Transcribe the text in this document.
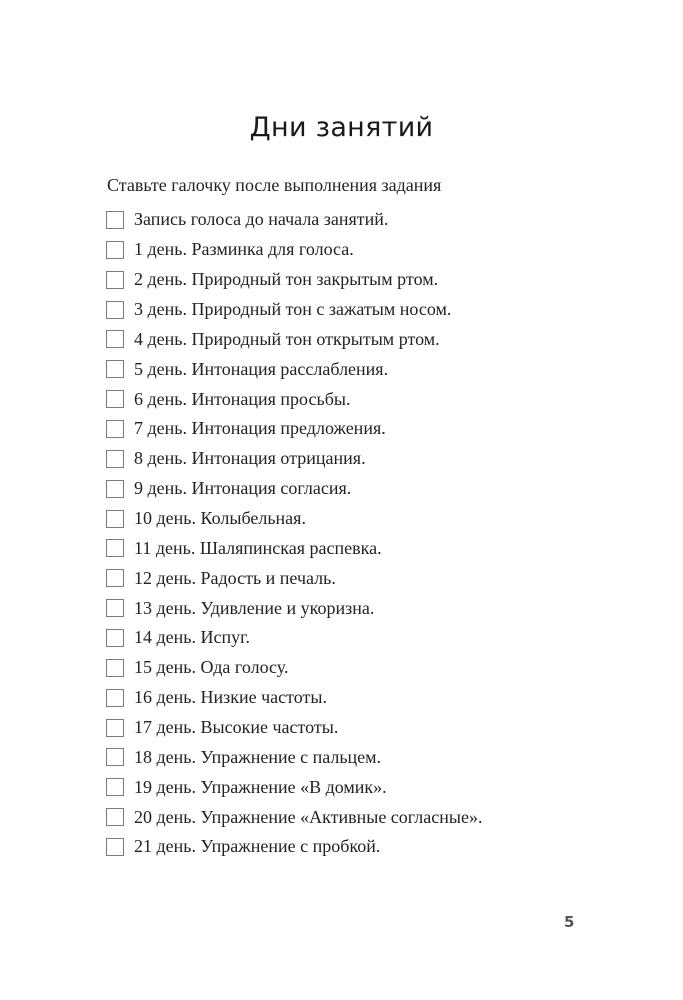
Дни занятий
Ставьте галочку после выполнения задания
Запись голоса до начала занятий.
1 день. Разминка для голоса.
2 день. Природный тон закрытым ртом.
3 день. Природный тон с зажатым носом.
4 день. Природный тон открытым ртом.
5 день. Интонация расслабления.
6 день. Интонация просьбы.
7 день. Интонация предложения.
8 день. Интонация отрицания.
9 день. Интонация согласия.
10 день. Колыбельная.
11 день. Шаляпинская распевка.
12 день. Радость и печаль.
13 день. Удивление и укоризна.
14 день. Испуг.
15 день. Ода голосу.
16 день. Низкие частоты.
17 день. Высокие частоты.
18 день. Упражнение с пальцем.
19 день. Упражнение «В домик».
20 день. Упражнение «Активные согласные».
21 день. Упражнение с пробкой.
5
